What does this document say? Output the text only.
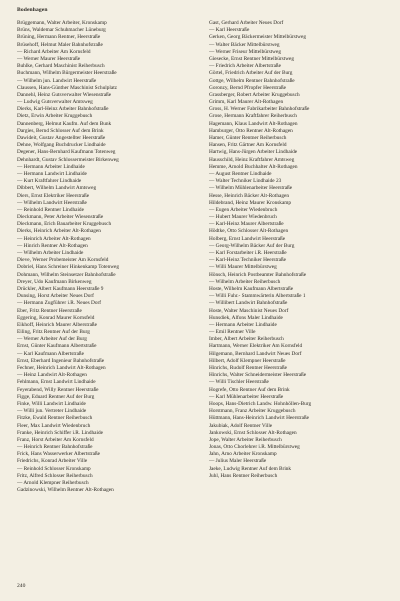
Bodenhagen
Brüggemann, Walter Arbeiter, Kronskamp
Brüns, Waldemar Schuhmacher Lüneburg
Brüning, Hermann Rentner, Heerstraße
Brüsehoff, Helmut Maler Bahnhofstraße
— Richard Arbeiter Am Kornsfeld
— Werner Maurer Heerstraße
Buhlke, Gerhard Maschinist Reiherbusch
Buchmann, Wilhelm Bürgermeister Heerstraße
— Wilhelm jun. Landwirt Heerstraße
Claussen, Hans-Günther Maschinist Schulplatz
Dannehl, Heinz Gutsverwalter Wiesenstraße
— Ludwig Gutsverwalter Amtsweg
Dierks, Karl-Heinz Arbeiter Bahnhofstraße
Dietz, Erwin Arbeiter Kruggebusch
Dannenberg, Helmut Kaufm. Auf dem Bunk
Dargies, Bernd Schlosser Auf dem Brink
Dawideit, Gustav Angestellter Heerstraße
Dehne, Wolfgang Buchdrucker Lindhaide
Degener, Hans-Bernhard Kaufmann Totenweg
Dehnhardt, Gustav Schlossermeister Birkenweg
— Hermann Arbeiter Lindhaide
— Hermann Landwirt Lindhaide
— Kurt Kraftfahrer Lindhaide
Dibbert, Wilhelm Landwirt Amtsweg
Diers, Ernst Elektriker Heerstraße
— Wilhelm Landwirt Heerstraße
— Reinhold Rentner Lindhaide
Dieckmann, Peter Arbeiter Wiesenstraße
Dieckmann, Erich Bauarbeiter Kruggebusch
Dierks, Heinrich Arbeiter Alt-Rothagen
— Heinrich Arbeiter Alt-Rothagen
— Hinrich Rentner Alt-Rothagen
— Wilhelm Arbeiter Lindhaide
Dieve, Werner Probemeister Am Kornsfeld
Dobriel, Hans Schreiner Hinkenkamp Totenweg
Dohmann, Wilhelm Steinsetzer Bahnhofstraße
Dreyer, Udo Kaufmann Birkenweg
Drückler, Albert Kaufmann Heerstraße 9
Dunsing, Horst Arbeiter Neues Dorf
— Hermann Zugführer i.R. Neues Dorf
Eber, Fritz Rentner Heerstraße
Eggering, Konrad Maurer Kornsfeld
Eikhoff, Heinrich Maurer Alberstraße
Eiling, Fritz Rentner Auf der Burg
— Werner Arbeiter Auf der Burg
Ernst, Günter Kaufmann Albertstraße
— Karl Kaufmann Albertstraße
Ernst, Eberhard Ingenieur Bahnhofstraße
Fechner, Heinrich Landwirt Alt-Rothagen
— Heinz Landwirt Alt-Rothagen
Fehlmann, Ernst Landwirt Lindhaide
Feyerabend, Willy Rentner Heerstraße
Figge, Eduard Rentner Auf der Burg
Finke, Willi Landwirt Lindhaide
— Willi jun. Vertreter Lindhaide
Fitzke, Ewald Rentner Reiherbusch
Fleer, Max Landwirt Wiedenbruch
Franke, Heinrich Schiffer i.R. Lindhaide
Franz, Horst Arbeiter Am Kornsfeld
— Heinrich Rentner Bahnhofstraße
Frick, Hans Wasserwerker Albertstraße
Friedrichs, Konrad Arbeiter Ville
— Reinhold Schlosser Kronskamp
Fritz, Alfred Schlosser Reiherbusch
— Arnold Klempner Reiherbusch
Gadzinowski, Wilhelm Rentner Alt-Rothagen
Gast, Gerhard Arbeiter Neues Dorf
— Karl Heerstraße
Gerken, Georg Bäckermeister Mittelbürstweg
— Walter Bäcker Mittelbürstweg
— Werner Friseur Mittelbürstweg
Giesecke, Ernst Rentner Mittelbürstweg
— Friedrich Arbeiter Albertstraße
Görtel, Friedrich Arbeiter Auf der Burg
Gottge, Wilhelm Rentner Bahnhofstraße
Goronzy, Bernd Pfropfer Heerstraße
Grassberger, Robert Arbeiter Kruggebusch
Grimm, Karl Maurer Alt-Rothagen
Gross, H. Werner Fabrikarbeiter Bahnhofstraße
Grose, Hermann Kraftfahrer Reiherbusch
Hagemann, Klaus Landwirt Alt-Rothagen
Hamburger, Otto Rentner Alt-Rothagen
Hamer, Günter Rentner Reiherbusch
Hansen, Fritz Gärtner Am Kornsfeld
Hartwig, Hans-Jürgen Arbeiter Lindhaide
Hausschild, Heinz Kraftfahrer Amtsweg
Hemme, Arnold Buchhalter Alt-Rothagen
— August Rentner Lindhaide
— Walter Techniker Lindhaide 23
— Wilhelm Mühlenarbeiter Heerstraße
Hesse, Heinrich Bäcker Alt-Rothagen
Hildebrand, Heinz Maurer Kronskamp
— Eugen Arbeiter Wiedenbruch
— Hubert Maurer Wiedenbruch
— Karl-Heinz Maurer Albertstraße
Hödtke, Otto Schlosser Alt-Rothagen
Holberg, Ernst Landwirt Heerstraße
— Georg-Wilhelm Bäcker Auf der Burg
— Karl Forstarbeiter i.R. Heerstraße
— Karl-Heinz Techniker Heerstraße
— Willi Maurer Mittelbürstweg
Hönsch, Heinrich Postbeamter Bahnhofstraße
— Wilhelm Arbeiter Reiherbusch
Hoste, Wilhelm Kaufmann Albertstraße
— Willi Fuhr.- Stammwärterin Albertstraße 1
— Willibert Landwirt Bahnhofstraße
Hoste, Walter Maschinist Neues Dorf
Hunsdiek, Alfons Maler Lindhaide
— Hermann Arbeiter Lindhaide
— Emil Rentner Ville
Imber, Albert Arbeiter Reiherbusch
Hartmann, Werner Elektriker Am Kornsfeld
Hilgemann, Bernhard Landwirt Neues Dorf
Hilbert, Adolf Klempner Heerstraße
Hinrichs, Rudolf Rentner Heerstraße
Hinrichs, Walter Schneidermeister Heerstraße
— Willi Tischler Heerstraße
Hogrefe, Otto Rentner Auf dem Brink
— Karl Mühlenarbeiter Heerstraße
Hoops, Hans-Dietrich Landw. Hohnhöllen-Burg
Horstmann, Franz Arbeiter Kruggebusch
Hüttmann, Hans-Heinrich Landwirt Heerstraße
Jakubiak, Adolf Rentner Ville
Jankowski, Ernst Schlosser Alt-Rothagen
Jope, Walter Arbeiter Reiherbusch
Jonas, Otto Chorlehrer i.R. Mittelbürstweg
Jahn, Arno Arbeiter Kronskamp
— Julius Maler Heerstraße
Jaeke, Ludwig Rentner Auf dem Brink
Juhl, Hans Rentner Reiherbusch
240
